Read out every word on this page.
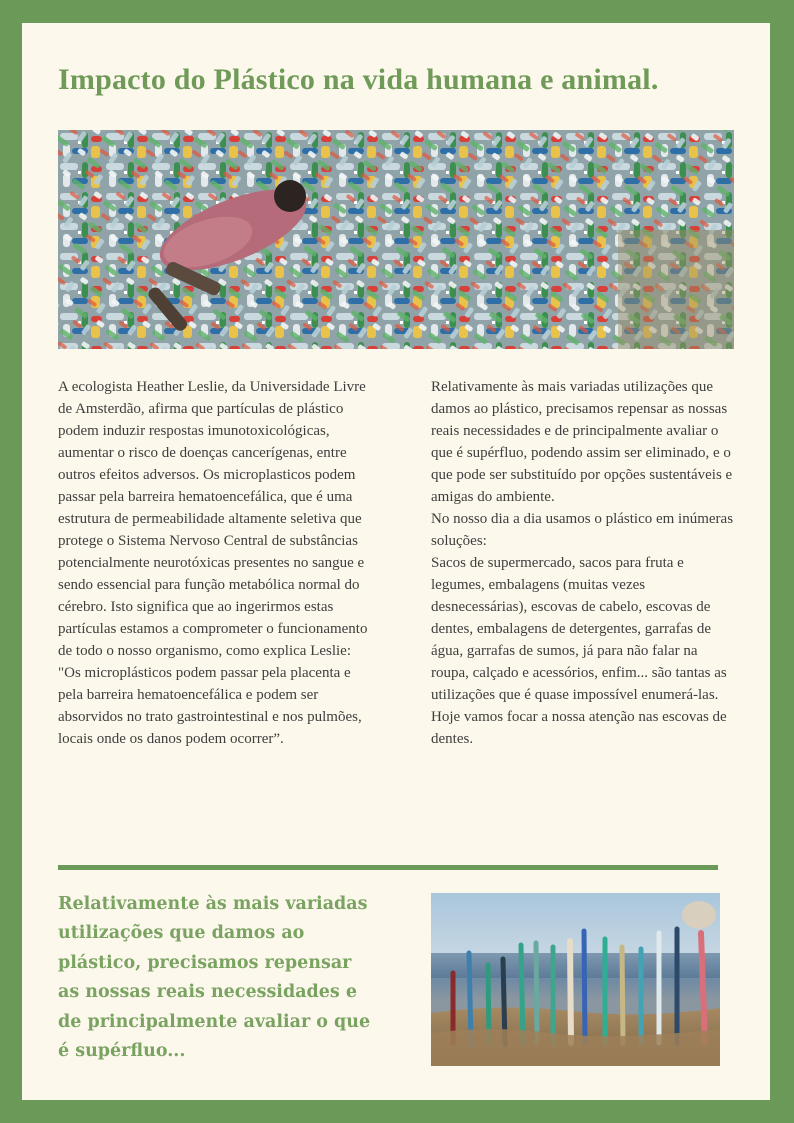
Impacto do Plástico na vida humana e animal.

A ecologista Heather Leslie, da Universidade Livre de Amsterdão, afirma que partículas de plástico podem induzir respostas imunotoxicológicas, aumentar o risco de doenças cancerígenas, entre outros efeitos adversos. Os microplasticos podem passar pela barreira hematoencefálica, que é uma estrutura de permeabilidade altamente seletiva que protege o Sistema Nervoso Central de substâncias potencialmente neurotóxicas presentes no sangue e sendo essencial para função metabólica normal do cérebro. Isto significa que ao ingerirmos estas partículas estamos a comprometer o funcionamento de todo o nosso organismo, como explica Leslie: "Os microplásticos podem passar pela placenta e pela barreira hematoencefálica e podem ser absorvidos no trato gastrointestinal e nos pulmões, locais onde os danos podem ocorrer”.

Relativamente às mais variadas utilizações que damos ao plástico, precisamos repensar as nossas reais necessidades e de principalmente avaliar o que é supérfluo, podendo assim ser eliminado, e o que pode ser substituído por opções sustentáveis e amigas do ambiente.

No nosso dia a dia usamos o plástico em inúmeras soluções:

Sacos de supermercado, sacos para fruta e legumes, embalagens (muitas vezes desnecessárias), escovas de cabelo, escovas de dentes, embalagens de detergentes, garrafas de água, garrafas de sumos, já para não falar na roupa, calçado e acessórios, enfim... são tantas as utilizações que é quase impossível enumerá-las.

Hoje vamos focar a nossa atenção nas escovas de dentes.

Relativamente às mais variadas utilizações que damos ao plástico, precisamos repensar as nossas reais necessidades e de principalmente avaliar o que é supérfluo...
